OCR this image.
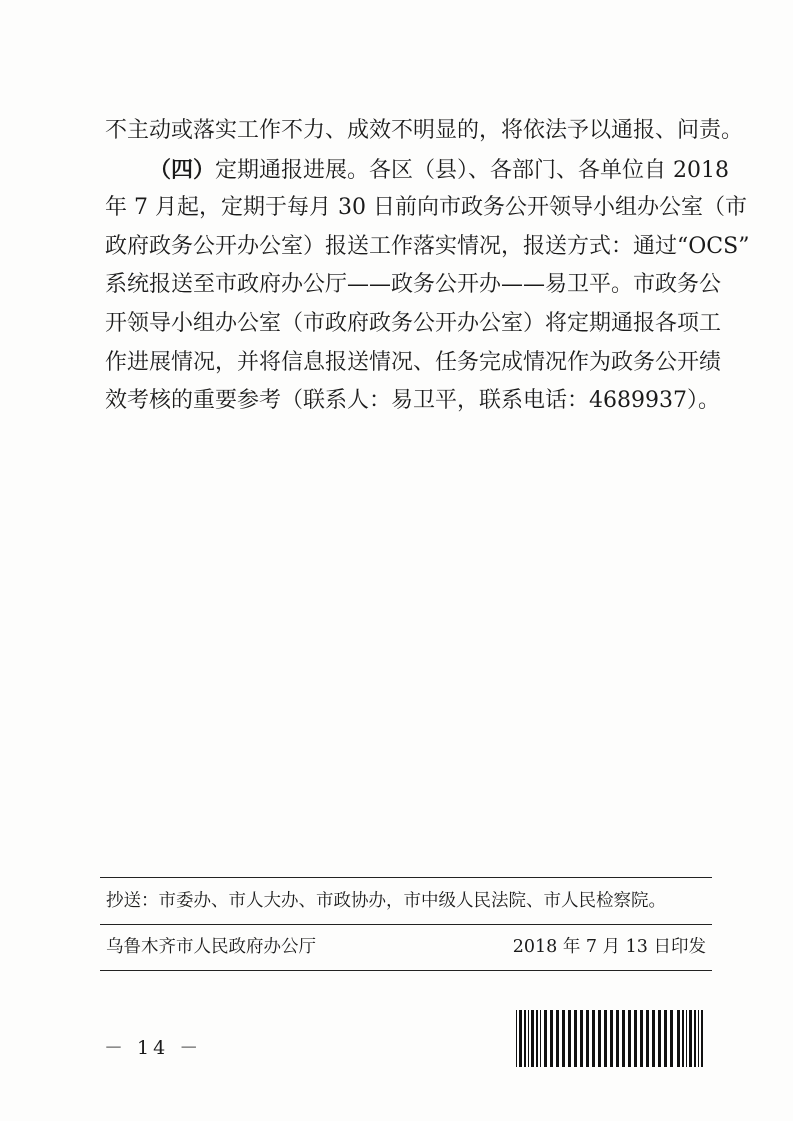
不主动或落实工作不力、成效不明显的，将依法予以通报、问责。
（四）定期通报进展。各区（县）、各部门、各单位自 2018
年 7 月起，定期于每月 30 日前向市政务公开领导小组办公室（市
政府政务公开办公室）报送工作落实情况，报送方式：通过“OCS”
系统报送至市政府办公厅——政务公开办——易卫平。市政务公
开领导小组办公室（市政府政务公开办公室）将定期通报各项工
作进展情况，并将信息报送情况、任务完成情况作为政务公开绩
效考核的重要参考（联系人：易卫平，联系电话：4689937）。
抄送：市委办、市人大办、市政协办，市中级人民法院、市人民检察院。
乌鲁木齐市人民政府办公厅	2018 年 7 月 13 日印发
－ 14 －
